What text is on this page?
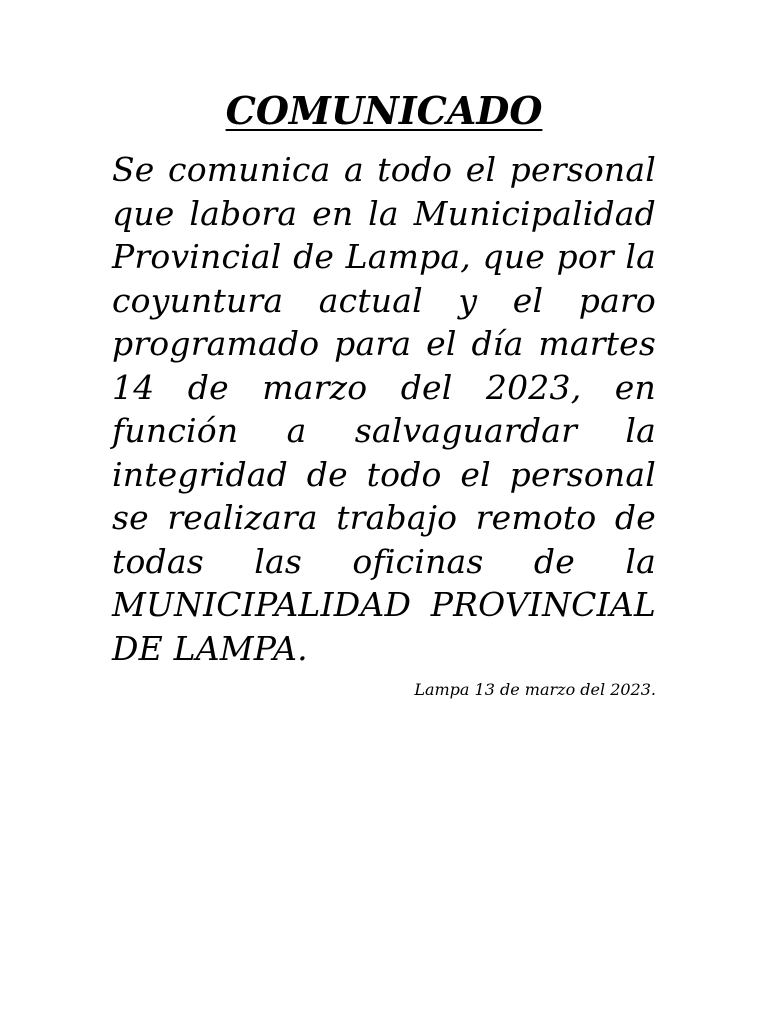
COMUNICADO

Se comunica a todo el personal que labora en la Municipalidad Provincial de Lampa, que por la coyuntura actual y el paro programado para el día martes 14 de marzo del 2023, en función a salvaguardar la integridad de todo el personal se realizara trabajo remoto de todas las oficinas de la MUNICIPALIDAD PROVINCIAL DE LAMPA.

Lampa 13 de marzo del 2023.
